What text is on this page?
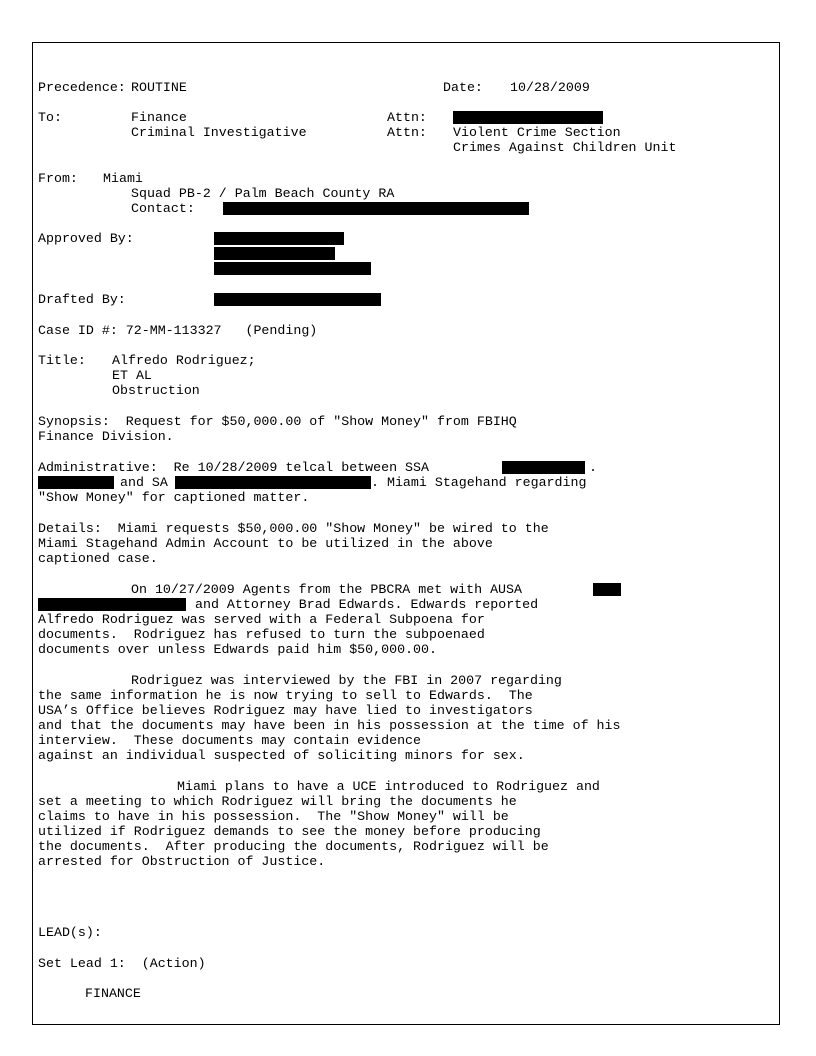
Precedence: ROUTINE	Date: 10/28/2009
To:	Finance	Attn:
Criminal Investigative	Attn: Violent Crime Section
Crimes Against Children Unit
From: Miami
Squad PB-2 / Palm Beach County RA
Contact:
Approved By:
Drafted By:
Case ID #: 72-MM-113327   (Pending)
Title: Alfredo Rodriguez;
ET AL
Obstruction
Synopsis:  Request for $50,000.00 of "Show Money" from FBIHQ
Finance Division.
Administrative:  Re 10/28/2009 telcal between SSA	.
and SA	. Miami Stagehand regarding
"Show Money" for captioned matter.
Details:  Miami requests $50,000.00 "Show Money" be wired to the
Miami Stagehand Admin Account to be utilized in the above
captioned case.
On 10/27/2009 Agents from the PBCRA met with AUSA
and Attorney Brad Edwards. Edwards reported
Alfredo Rodriguez was served with a Federal Subpoena for
documents.  Rodriguez has refused to turn the subpoenaed
documents over unless Edwards paid him $50,000.00.
Rodriguez was interviewed by the FBI in 2007 regarding
the same information he is now trying to sell to Edwards.  The
USA’s Office believes Rodriguez may have lied to investigators
and that the documents may have been in his possession at the time of his
interview.  These documents may contain evidence
against an individual suspected of soliciting minors for sex.
Miami plans to have a UCE introduced to Rodriguez and
set a meeting to which Rodriguez will bring the documents he
claims to have in his possession.  The "Show Money" will be
utilized if Rodriguez demands to see the money before producing
the documents.  After producing the documents, Rodriguez will be
arrested for Obstruction of Justice.
LEAD(s):
Set Lead 1:  (Action)
FINANCE
